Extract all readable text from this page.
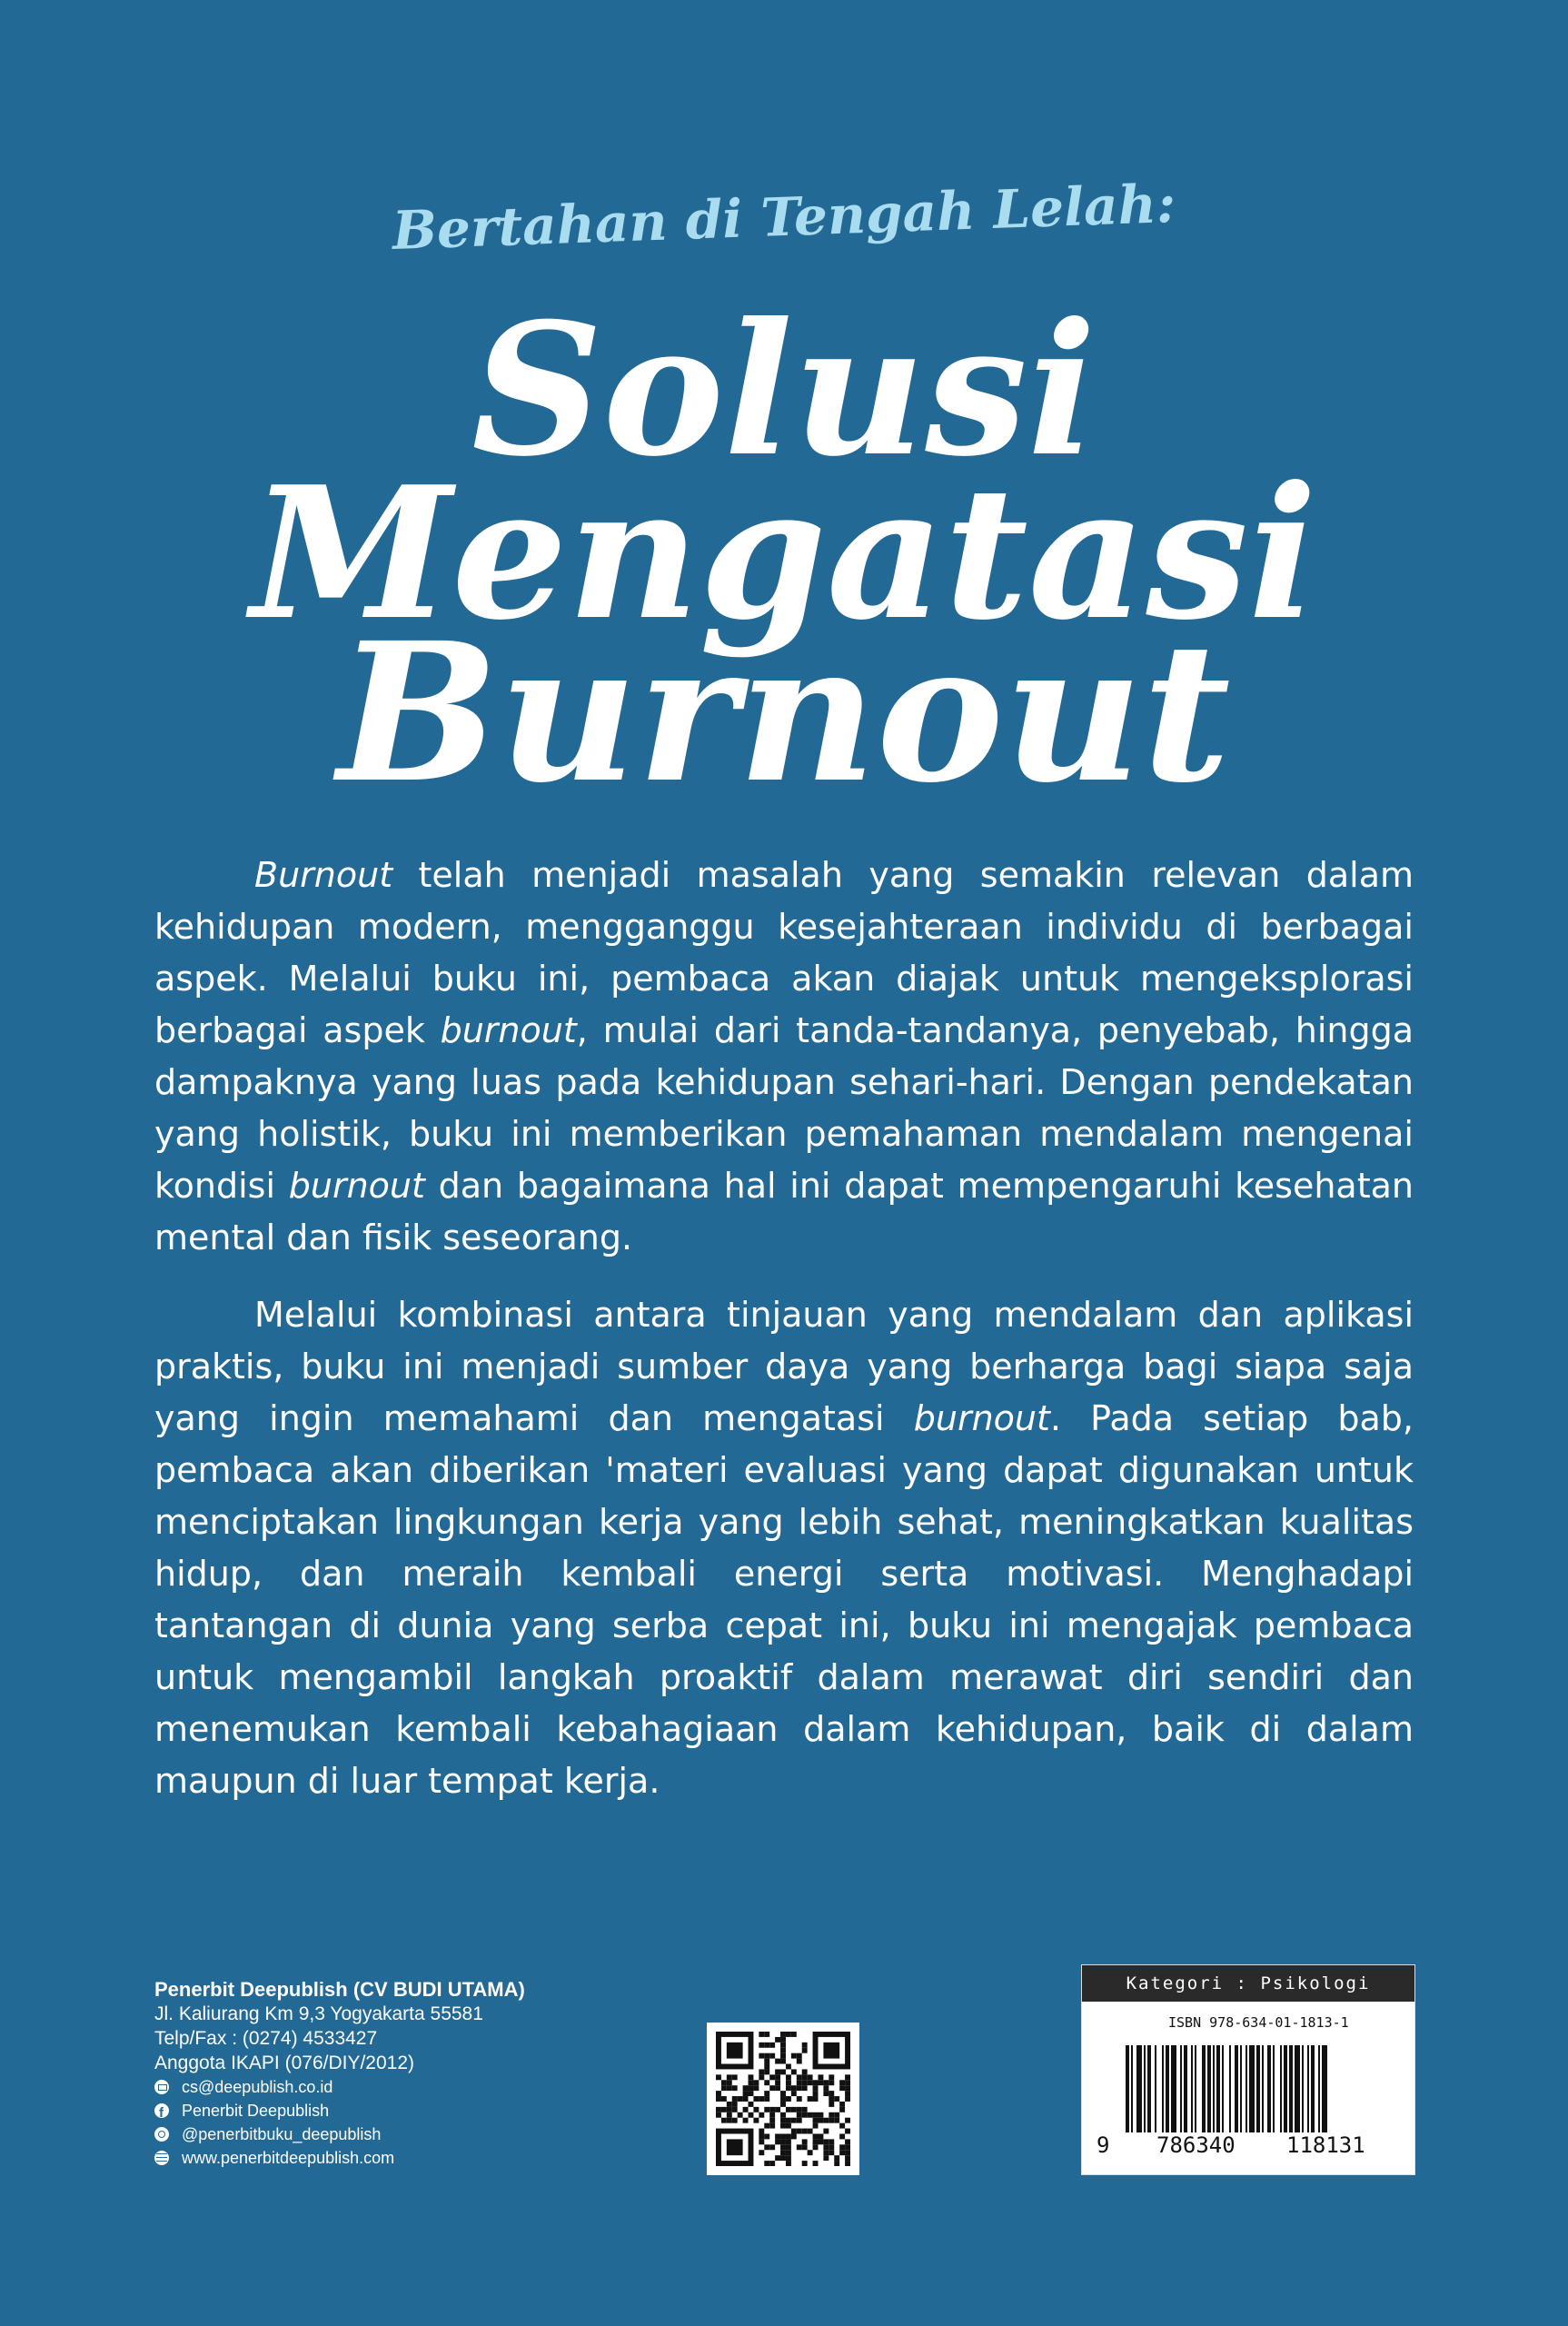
Bertahan di Tengah Lelah:
Solusi
Mengatasi
Burnout

Burnout telah menjadi masalah yang semakin relevan dalam kehidupan modern, mengganggu kesejahteraan individu di berbagai aspek. Melalui buku ini, pembaca akan diajak untuk mengeksplorasi berbagai aspek burnout, mulai dari tanda-tandanya, penyebab, hingga dampaknya yang luas pada kehidupan sehari-hari. Dengan pendekatan yang holistik, buku ini memberikan pemahaman mendalam mengenai kondisi burnout dan bagaimana hal ini dapat mempengaruhi kesehatan mental dan fisik seseorang.

Melalui kombinasi antara tinjauan yang mendalam dan aplikasi praktis, buku ini menjadi sumber daya yang berharga bagi siapa saja yang ingin memahami dan mengatasi burnout. Pada setiap bab, pembaca akan diberikan 'materi evaluasi yang dapat digunakan untuk menciptakan lingkungan kerja yang lebih sehat, meningkatkan kualitas hidup, dan meraih kembali energi serta motivasi. Menghadapi tantangan di dunia yang serba cepat ini, buku ini mengajak pembaca untuk mengambil langkah proaktif dalam merawat diri sendiri dan menemukan kembali kebahagiaan dalam kehidupan, baik di dalam maupun di luar tempat kerja.

Penerbit Deepublish (CV BUDI UTAMA)
Jl. Kaliurang Km 9,3 Yogyakarta 55581
Telp/Fax : (0274) 4533427
Anggota IKAPI (076/DIY/2012)
cs@deepublish.co.id
f
Penerbit Deepublish
@penerbitbuku_deepublish
www.penerbitdeepublish.com
Kategori : Psikologi
ISBN 978-634-01-1813-1
9 786340 118131
